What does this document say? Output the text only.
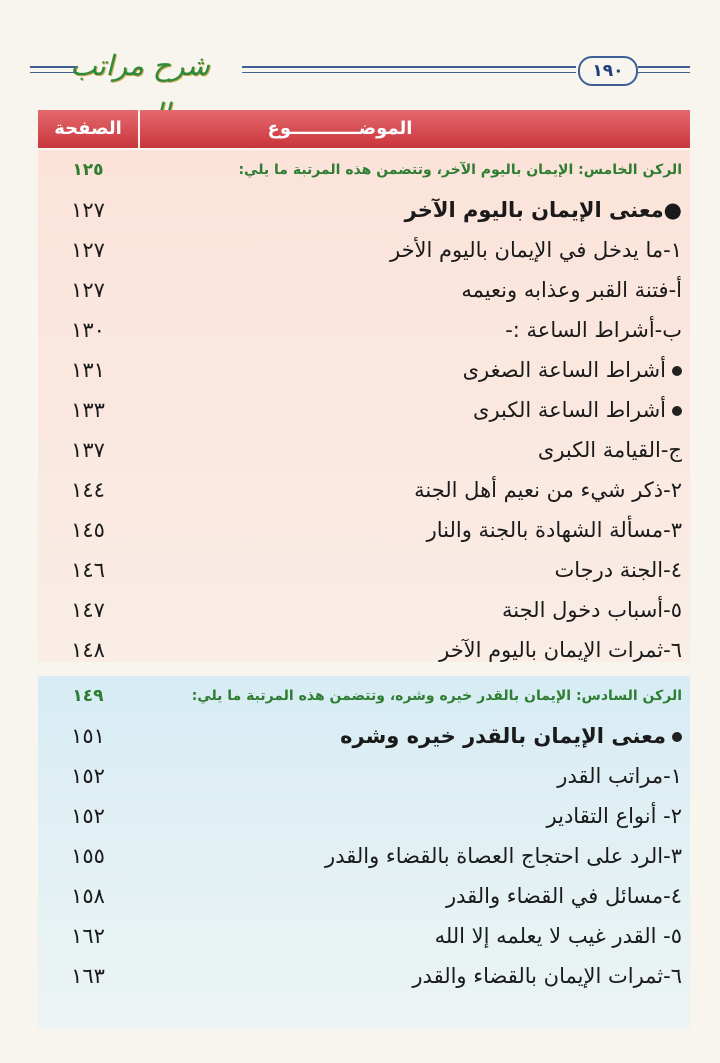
شرح مراتب	١٩٠
الموضـــــــــــوع
الصفحة
الركن الخامس: الإيمان باليوم الآخر، وتتضمن هذه المرتبة ما يلي:
١٢٥
●معنى الإيمان باليوم الآخر
١٢٧
١-ما يدخل في الإيمان باليوم الأخر
١٢٧
أ-فتنة القبر وعذابه ونعيمه
١٢٧
ب-أشراط الساعة :-
١٣٠
أشراط الساعة الصغرى
١٣١
أشراط الساعة الكبرى
١٣٣
ج-القيامة الكبرى
١٣٧
٢-ذكر شيء من نعيم أهل الجنة
١٤٤
٣-مسألة الشهادة بالجنة والنار
١٤٥
٤-الجنة درجات
١٤٦
٥-أسباب دخول الجنة
١٤٧
٦-ثمرات الإيمان باليوم الآخر
١٤٨
الركن السادس: الإيمان بالقدر خيره وشره، وتتضمن هذه المرتبة ما يلي:
١٤٩
معنى الإيمان بالقدر خيره وشره
١٥١
١-مراتب القدر
١٥٢
٢- أنواع التقادير
١٥٢
٣-الرد على احتجاج العصاة بالقضاء والقدر
١٥٥
٤-مسائل في القضاء والقدر
١٥٨
٥- القدر غيب لا يعلمه إلا الله
١٦٢
٦-ثمرات الإيمان بالقضاء والقدر
١٦٣
